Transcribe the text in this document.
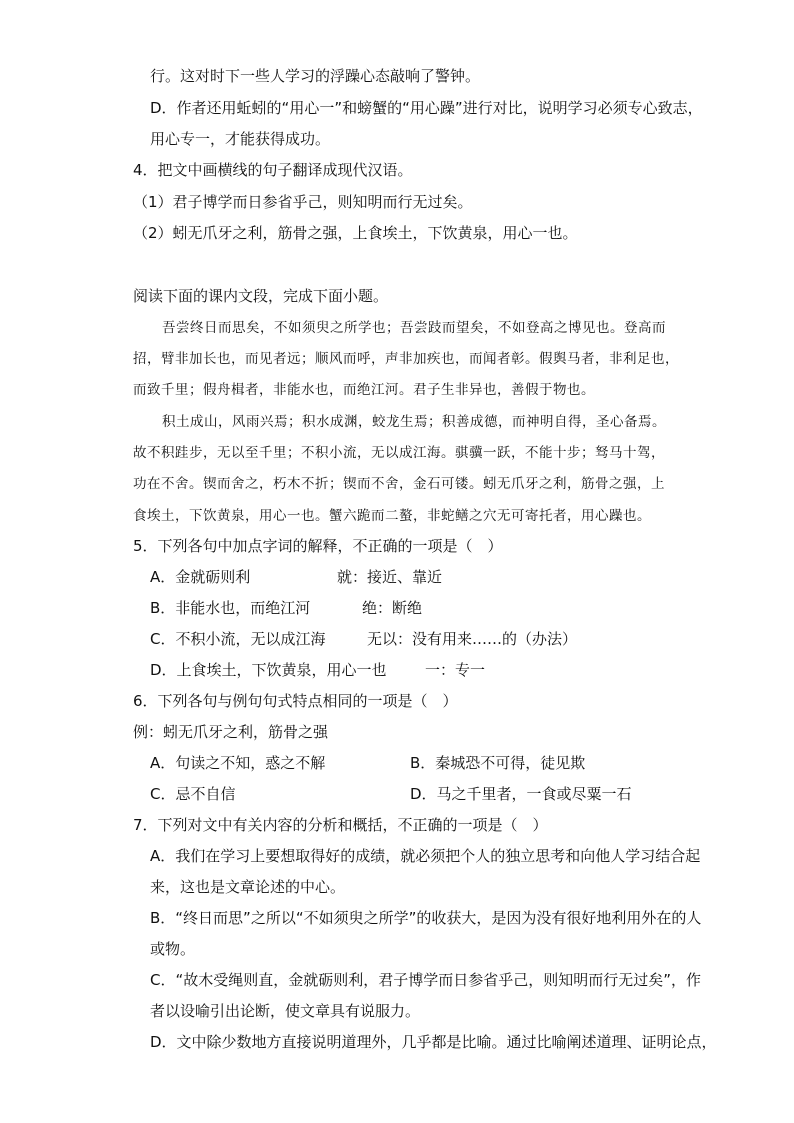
行。这对时下一些人学习的浮躁心态敲响了警钟。
D．作者还用蚯蚓的“用心一”和螃蟹的“用心躁”进行对比，说明学习必须专心致志，
用心专一，才能获得成功。
4．把文中画横线的句子翻译成现代汉语。
（1）君子博学而日参省乎己，则知明而行无过矣。
（2）蚓无爪牙之利，筋骨之强，上食埃土，下饮黄泉，用心一也。
阅读下面的课内文段，完成下面小题。
吾尝终日而思矣，不如须臾之所学也；吾尝跂而望矣，不如登高之博见也。登高而
招，臂非加长也，而见者远；顺风而呼，声非加疾也，而闻者彰。假舆马者，非利足也，
而致千里；假舟楫者，非能水也，而绝江河。君子生非异也，善假于物也。
积土成山，风雨兴焉；积水成渊，蛟龙生焉；积善成德，而神明自得，圣心备焉。
故不积跬步，无以至千里；不积小流，无以成江海。骐骥一跃，不能十步；驽马十驾，
功在不舍。锲而舍之，朽木不折；锲而不舍，金石可镂。蚓无爪牙之利，筋骨之强，上
食埃土，下饮黄泉，用心一也。蟹六跪而二螯，非蛇鳝之穴无可寄托者，用心躁也。
5．下列各句中加点字词的解释，不正确的一项是（　）
A．金就砺则利	就：接近、靠近
B．非能水也，而绝江河	绝：断绝
C．不积小流，无以成江海	无以：没有用来……的（办法）
D．上食埃土，下饮黄泉，用心一也	一：专一
6．下列各句与例句句式特点相同的一项是（　）
例：蚓无爪牙之利，筋骨之强
A．句读之不知，惑之不解	B．秦城恐不可得，徒见欺
C．忌不自信	D．马之千里者，一食或尽粟一石
7．下列对文中有关内容的分析和概括，不正确的一项是（　）
A．我们在学习上要想取得好的成绩，就必须把个人的独立思考和向他人学习结合起
来，这也是文章论述的中心。
B．“终日而思”之所以“不如须臾之所学”的收获大，是因为没有很好地利用外在的人
或物。
C．“故木受绳则直，金就砺则利，君子博学而日参省乎己，则知明而行无过矣”，作
者以设喻引出论断，使文章具有说服力。
D．文中除少数地方直接说明道理外，几乎都是比喻。通过比喻阐述道理、证明论点，
